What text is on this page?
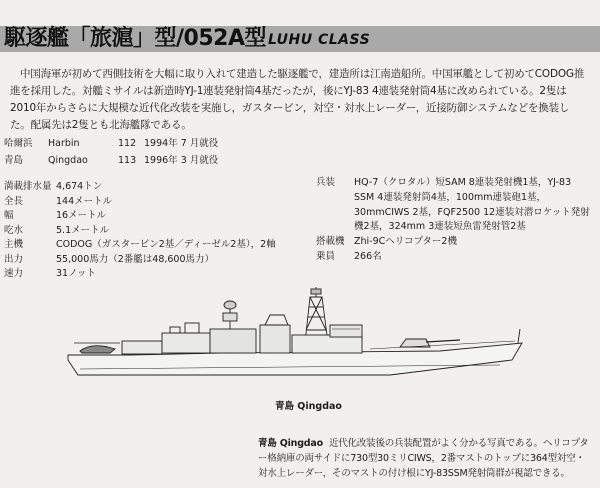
駆逐艦「旅滬」型/052A型 LUHU CLASS
中国海軍が初めて西側技術を大幅に取り入れて建造した駆逐艦で，建造所は江南造船所。中国軍艦として初めてCODOG推進を採用した。対艦ミサイルは新造時YJ-1連装発射筒4基だったが，後にYJ-83 4連装発射筒4基に改められている。2隻は2010年からさらに大規模な近代化改装を実施し，ガスタービン，対空・対水上レーダー，近接防御システムなどを換装した。配属先は2隻とも北海艦隊である。
哈爾浜	Harbin	112 1994年 7 月就役
青島	Qingdao	113 1996年 3 月就役
満載排水量 4,674トン
全長	144メートル
幅	16メートル
吃水	5.1メートル
主機	CODOG（ガスタービン2基／ディーゼル2基），2軸
出力	55,000馬力（2番艦は48,600馬力）
速力	31ノット
兵装	HQ-7（クロタル）短SAM 8連装発射機1基，YJ-83 SSM 4連装発射筒4基，100mm連装砲1基，30mmCIWS 2基，FQF2500 12連装対潜ロケット発射機2基，324mm 3連装短魚雷発射管2基
搭載機 Zhi-9Cヘリコプター2機
乗員	266名
青島 Qingdao
青島 Qingdao 近代化改装後の兵装配置がよく分かる写真である。ヘリコプター格納庫の両サイドに730型30ミリCIWS，2番マストのトップに364型対空・対水上レーダー，そのマストの付け根にYJ-83SSM発射筒群が視認できる。
